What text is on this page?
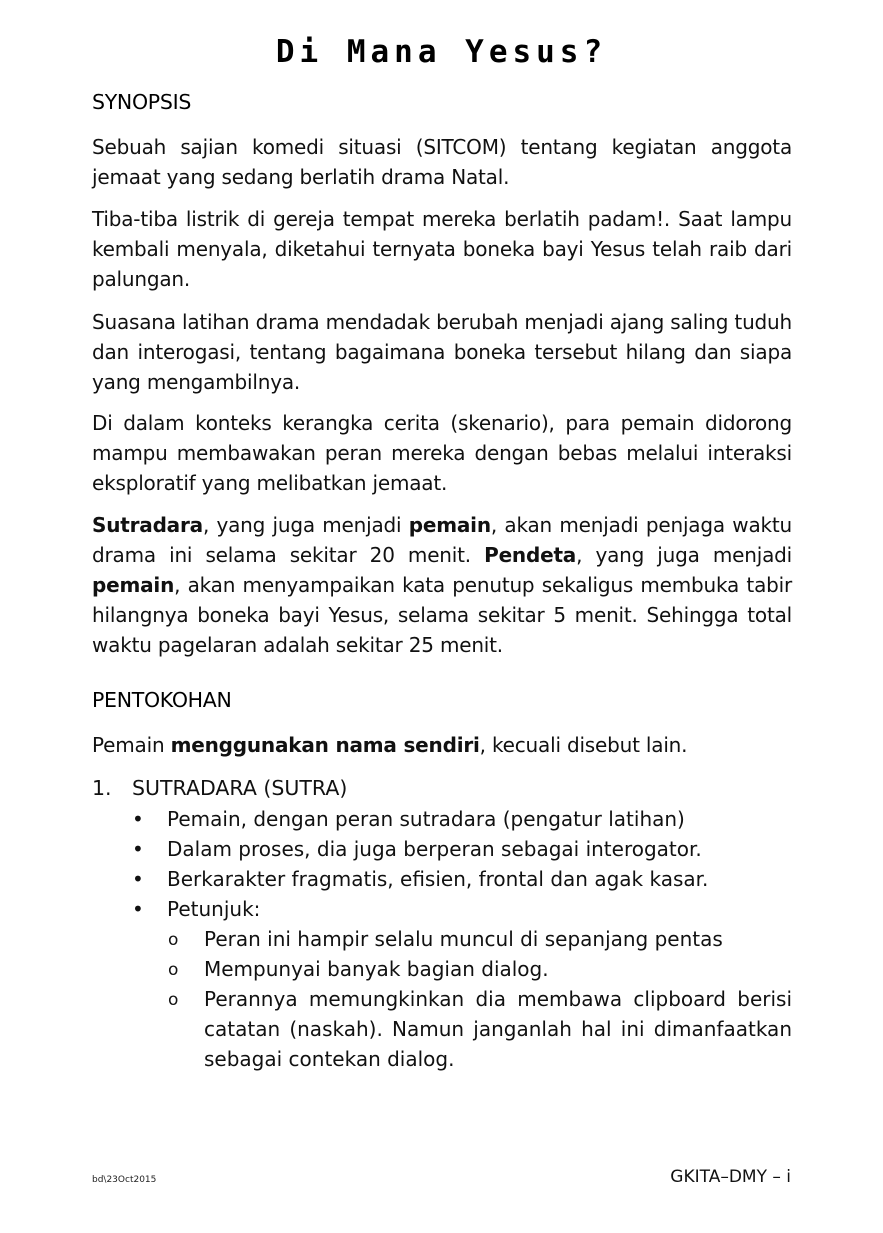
Di Mana Yesus?
SYNOPSIS

Sebuah sajian komedi situasi (SITCOM) tentang kegiatan anggota jemaat yang sedang berlatih drama Natal.

Tiba-tiba listrik di gereja tempat mereka berlatih padam!. Saat lampu kembali menyala, diketahui ternyata boneka bayi Yesus telah raib dari palungan.

Suasana latihan drama mendadak berubah menjadi ajang saling tuduh dan interogasi, tentang bagaimana boneka tersebut hilang dan siapa yang mengambilnya.

Di dalam konteks kerangka cerita (skenario), para pemain didorong mampu membawakan peran mereka dengan bebas melalui interaksi eksploratif yang melibatkan jemaat.

Sutradara, yang juga menjadi pemain, akan menjadi penjaga waktu drama ini selama sekitar 20 menit. Pendeta, yang juga menjadi pemain, akan menyampaikan kata penutup sekaligus membuka tabir hilangnya boneka bayi Yesus, selama sekitar 5 menit. Sehingga total waktu pagelaran adalah sekitar 25 menit.

PENTOKOHAN

Pemain menggunakan nama sendiri, kecuali disebut lain.

1. SUTRADARA (SUTRA)
• Pemain, dengan peran sutradara (pengatur latihan)
• Dalam proses, dia juga berperan sebagai interogator.
• Berkarakter fragmatis, efisien, frontal dan agak kasar.
• Petunjuk:
o Peran ini hampir selalu muncul di sepanjang pentas
o Mempunyai banyak bagian dialog.
o Perannya memungkinkan dia membawa clipboard berisi catatan (naskah). Namun janganlah hal ini dimanfaatkan sebagai contekan dialog.
bd\23Oct2015	GKITA–DMY – i
